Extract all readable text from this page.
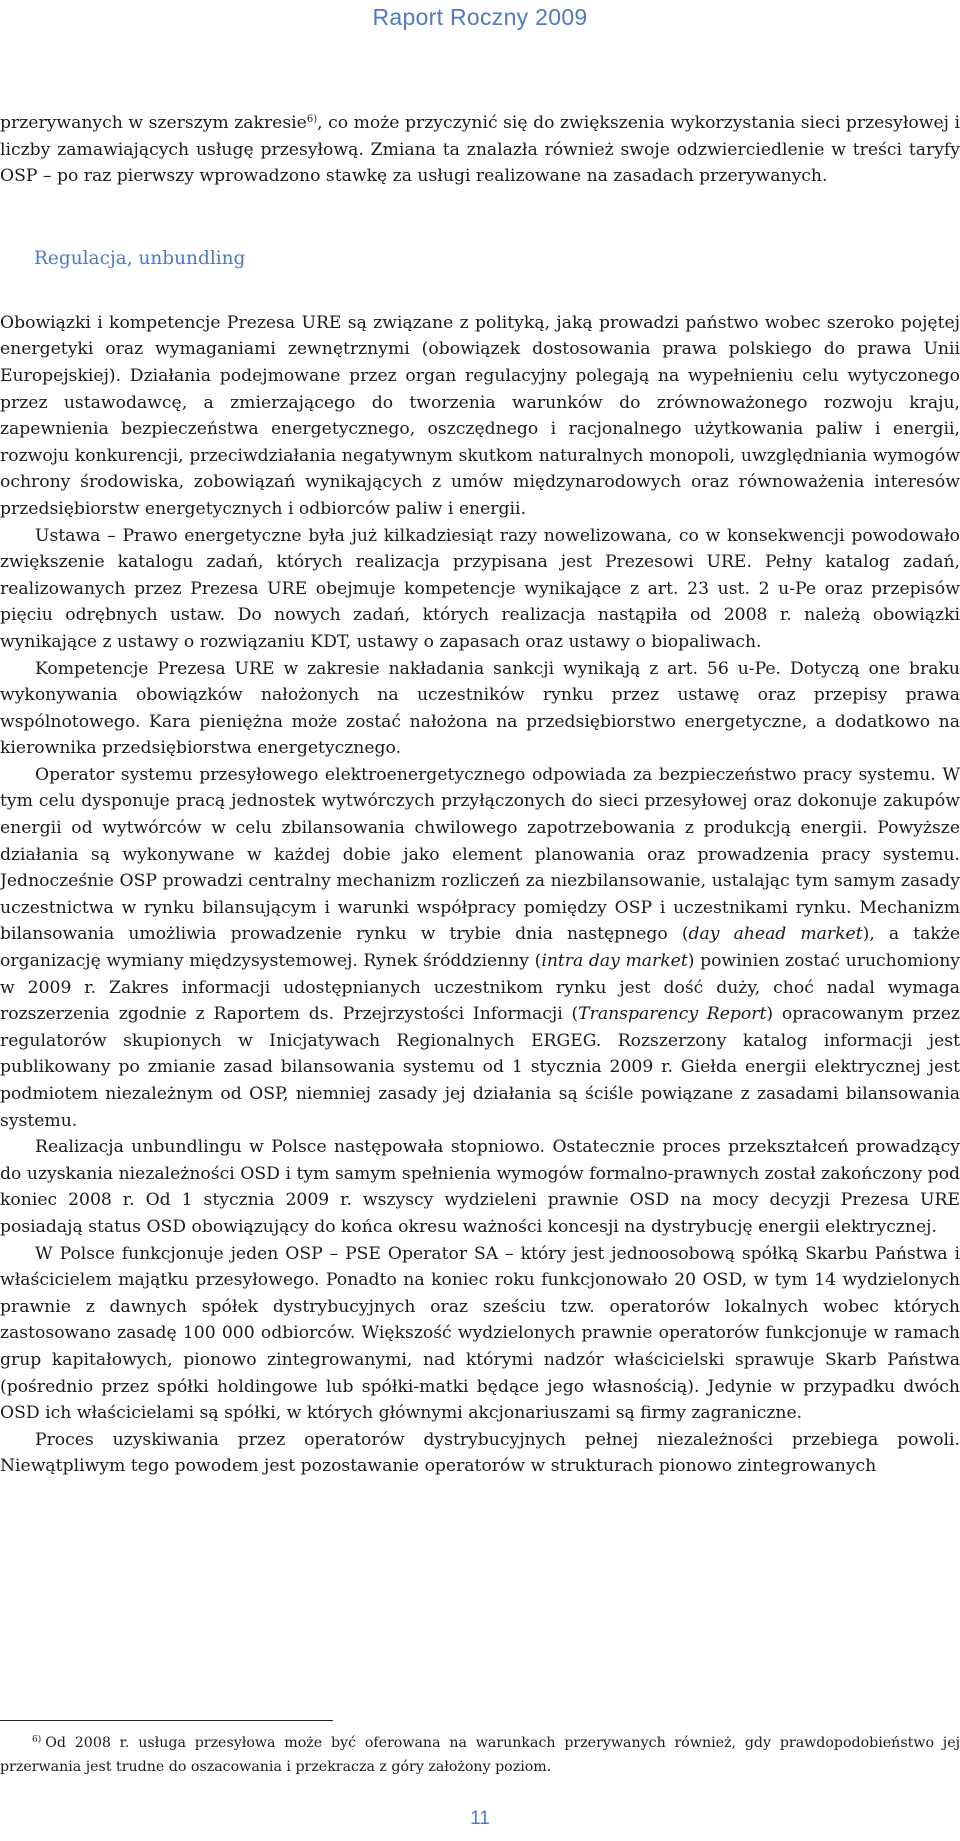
Raport Roczny 2009

przerywanych w szerszym zakresie$^{6)}$, co może przyczynić się do zwiększenia wykorzystania sieci przesyłowej i liczby zamawiających usługę przesyłową. Zmiana ta znalazła również swoje odzwierciedlenie w treści taryfy OSP – po raz pierwszy wprowadzono stawkę za usługi realizowane na zasadach przerywanych.

Regulacja, unbundling

Obowiązki i kompetencje Prezesa URE są związane z polityką, jaką prowadzi państwo wobec szeroko pojętej energetyki oraz wymaganiami zewnętrznymi (obowiązek dostosowania prawa polskiego do prawa Unii Europejskiej). Działania podejmowane przez organ regulacyjny polegają na wypełnieniu celu wytyczonego przez ustawodawcę, a zmierzającego do tworzenia warunków do zrównoważonego rozwoju kraju, zapewnienia bezpieczeństwa energetycznego, oszczędnego i racjonalnego użytkowania paliw i energii, rozwoju konkurencji, przeciwdziałania negatywnym skutkom naturalnych monopoli, uwzględniania wymogów ochrony środowiska, zobowiązań wynikających z umów międzynarodowych oraz równoważenia interesów przedsiębiorstw energetycznych i odbiorców paliw i energii.

Ustawa – Prawo energetyczne była już kilkadziesiąt razy nowelizowana, co w konsekwencji powodowało zwiększenie katalogu zadań, których realizacja przypisana jest Prezesowi URE. Pełny katalog zadań, realizowanych przez Prezesa URE obejmuje kompetencje wynikające z art. 23 ust. 2 u-Pe oraz przepisów pięciu odrębnych ustaw. Do nowych zadań, których realizacja nastąpiła od 2008 r. należą obowiązki wynikające z ustawy o rozwiązaniu KDT, ustawy o zapasach oraz ustawy o biopaliwach.

Kompetencje Prezesa URE w zakresie nakładania sankcji wynikają z art. 56 u-Pe. Dotyczą one braku wykonywania obowiązków nałożonych na uczestników rynku przez ustawę oraz przepisy prawa wspólnotowego. Kara pieniężna może zostać nałożona na przedsiębiorstwo energetyczne, a dodatkowo na kierownika przedsiębiorstwa energetycznego.

Operator systemu przesyłowego elektroenergetycznego odpowiada za bezpieczeństwo pracy systemu. W tym celu dysponuje pracą jednostek wytwórczych przyłączonych do sieci przesyłowej oraz dokonuje zakupów energii od wytwórców w celu zbilansowania chwilowego zapotrzebowania z produkcją energii. Powyższe działania są wykonywane w każdej dobie jako element planowania oraz prowadzenia pracy systemu. Jednocześnie OSP prowadzi centralny mechanizm rozliczeń za niezbilansowanie, ustalając tym samym zasady uczestnictwa w rynku bilansującym i warunki współpracy pomiędzy OSP i uczestnikami rynku. Mechanizm bilansowania umożliwia prowadzenie rynku w trybie dnia następnego (day ahead market), a także organizację wymiany międzysystemowej. Rynek śróddzienny (intra day market) powinien zostać uruchomiony w 2009 r. Zakres informacji udostępnianych uczestnikom rynku jest dość duży, choć nadal wymaga rozszerzenia zgodnie z Raportem ds. Przejrzystości Informacji (Transparency Report) opracowanym przez regulatorów skupionych w Inicjatywach Regionalnych ERGEG. Rozszerzony katalog informacji jest publikowany po zmianie zasad bilansowania systemu od 1 stycznia 2009 r. Giełda energii elektrycznej jest podmiotem niezależnym od OSP, niemniej zasady jej działania są ściśle powiązane z zasadami bilansowania systemu.

Realizacja unbundlingu w Polsce następowała stopniowo. Ostatecznie proces przekształceń prowadzący do uzyskania niezależności OSD i tym samym spełnienia wymogów formalno-prawnych został zakończony pod koniec 2008 r. Od 1 stycznia 2009 r. wszyscy wydzieleni prawnie OSD na mocy decyzji Prezesa URE posiadają status OSD obowiązujący do końca okresu ważności koncesji na dystrybucję energii elektrycznej.

W Polsce funkcjonuje jeden OSP – PSE Operator SA – który jest jednoosobową spółką Skarbu Państwa i właścicielem majątku przesyłowego. Ponadto na koniec roku funkcjonowało 20 OSD, w tym 14 wydzielonych prawnie z dawnych spółek dystrybucyjnych oraz sześciu tzw. operatorów lokalnych wobec których zastosowano zasadę 100 000 odbiorców. Większość wydzielonych prawnie operatorów funkcjonuje w ramach grup kapitałowych, pionowo zintegrowanymi, nad którymi nadzór właścicielski sprawuje Skarb Państwa (pośrednio przez spółki holdingowe lub spółki-matki będące jego własnością). Jedynie w przypadku dwóch OSD ich właścicielami są spółki, w których głównymi akcjonariuszami są firmy zagraniczne.

Proces uzyskiwania przez operatorów dystrybucyjnych pełnej niezależności przebiega powoli. Niewątpliwym tego powodem jest pozostawanie operatorów w strukturach pionowo zintegrowanych

$^{6)}$ Od 2008 r. usługa przesyłowa może być oferowana na warunkach przerywanych również, gdy prawdopodobieństwo jej przerwania jest trudne do oszacowania i przekracza z góry założony poziom.
11
